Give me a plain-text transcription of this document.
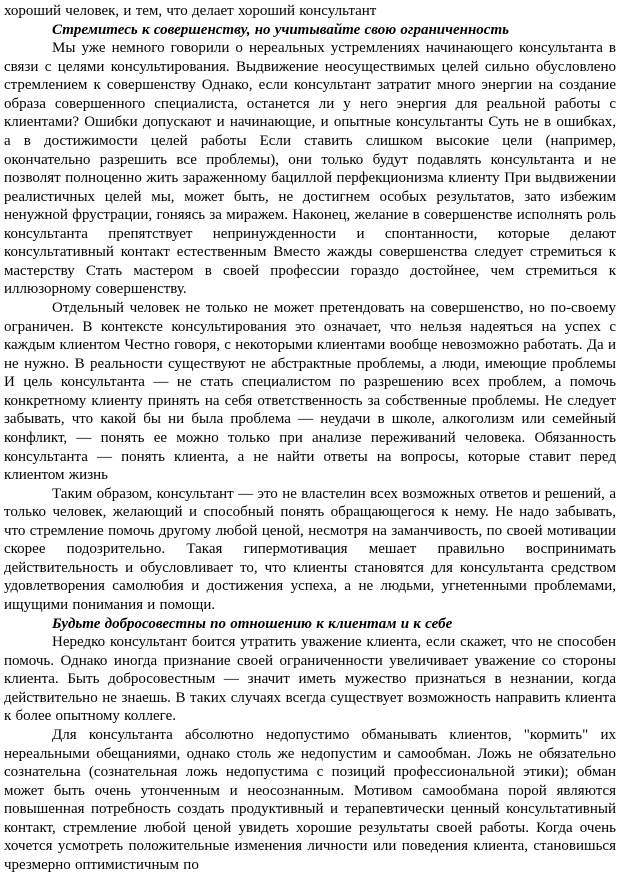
хороший человек, и тем, что делает хороший консультант

Стремитесь к совершенству, но учитывайте свою ограниченность

Мы уже немного говорили о нереальных устремлениях начинающего консультанта в связи с целями консультирования. Выдвижение неосуществимых целей сильно обусловлено стремлением к совершенству Однако, если консультант затратит много энергии на создание образа совершенного специалиста, останется ли у него энергия для реальной работы с клиентами? Ошибки допускают и начинающие, и опытные консультанты Суть не в ошибках, а в достижимости целей работы Если ставить слишком высокие цели (например, окончательно разрешить все проблемы), они только будут подавлять консультанта и не позволят полноценно жить зараженному бациллой перфекционизма клиенту При выдвижении реалистичных целей мы, может быть, не достигнем особых результатов, зато избежим ненужной фрустрации, гоняясь за миражем. Наконец, желание в совершенстве исполнять роль консультанта препятствует непринужденности и спонтанности, которые делают консультативный контакт естественным Вместо жажды совершенства следует стремиться к мастерству Стать мастером в своей профессии гораздо достойнее, чем стремиться к иллюзорному совершенству.

Отдельный человек не только не может претендовать на совершенство, но по-своему ограничен. В контексте консультирования это означает, что нельзя надеяться на успех с каждым клиентом Честно говоря, с некоторыми клиентами вообще невозможно работать. Да и не нужно. В реальности существуют не абстрактные проблемы, а люди, имеющие проблемы И цель консультанта — не стать специалистом по разрешению всех проблем, а помочь конкретному клиенту принять на себя ответственность за собственные проблемы. Не следует забывать, что какой бы ни была проблема — неудачи в школе, алкоголизм или семейный конфликт, — понять ее можно только при анализе переживаний человека. Обязанность консультанта — понять клиента, а не найти ответы на вопросы, которые ставит перед клиентом жизнь

Таким образом, консультант — это не властелин всех возможных ответов и решений, а только человек, желающий и способный понять обращающегося к нему. Не надо забывать, что стремление помочь другому любой ценой, несмотря на заманчивость, по своей мотивации скорее подозрительно. Такая гипермотивация мешает правильно воспринимать действительность и обусловливает то, что клиенты становятся для консультанта средством удовлетворения самолюбия и достижения успеха, а не людьми, угнетенными проблемами, ищущими понимания и помощи.

Будьте добросовестны по отношению к клиентам и к себе

Нередко консультант боится утратить уважение клиента, если скажет, что не способен помочь. Однако иногда признание своей ограниченности увеличивает уважение со стороны клиента. Быть добросовестным — значит иметь мужество признаться в незнании, когда действительно не знаешь. В таких случаях всегда существует возможность направить клиента к более опытному коллеге.

Для консультанта абсолютно недопустимо обманывать клиентов, "кормить" их нереальными обещаниями, однако столь же недопустим и самообман. Ложь не обязательно сознательна (сознательная ложь недопустима с позиций профессиональной этики); обман может быть очень утонченным и неосознанным. Мотивом самообмана порой являются повышенная потребность создать продуктивный и терапевтически ценный консультативный контакт, стремление любой ценой увидеть хорошие результаты своей работы. Когда очень хочется усмотреть положительные изменения личности или поведения клиента, становишься чрезмерно оптимистичным по
